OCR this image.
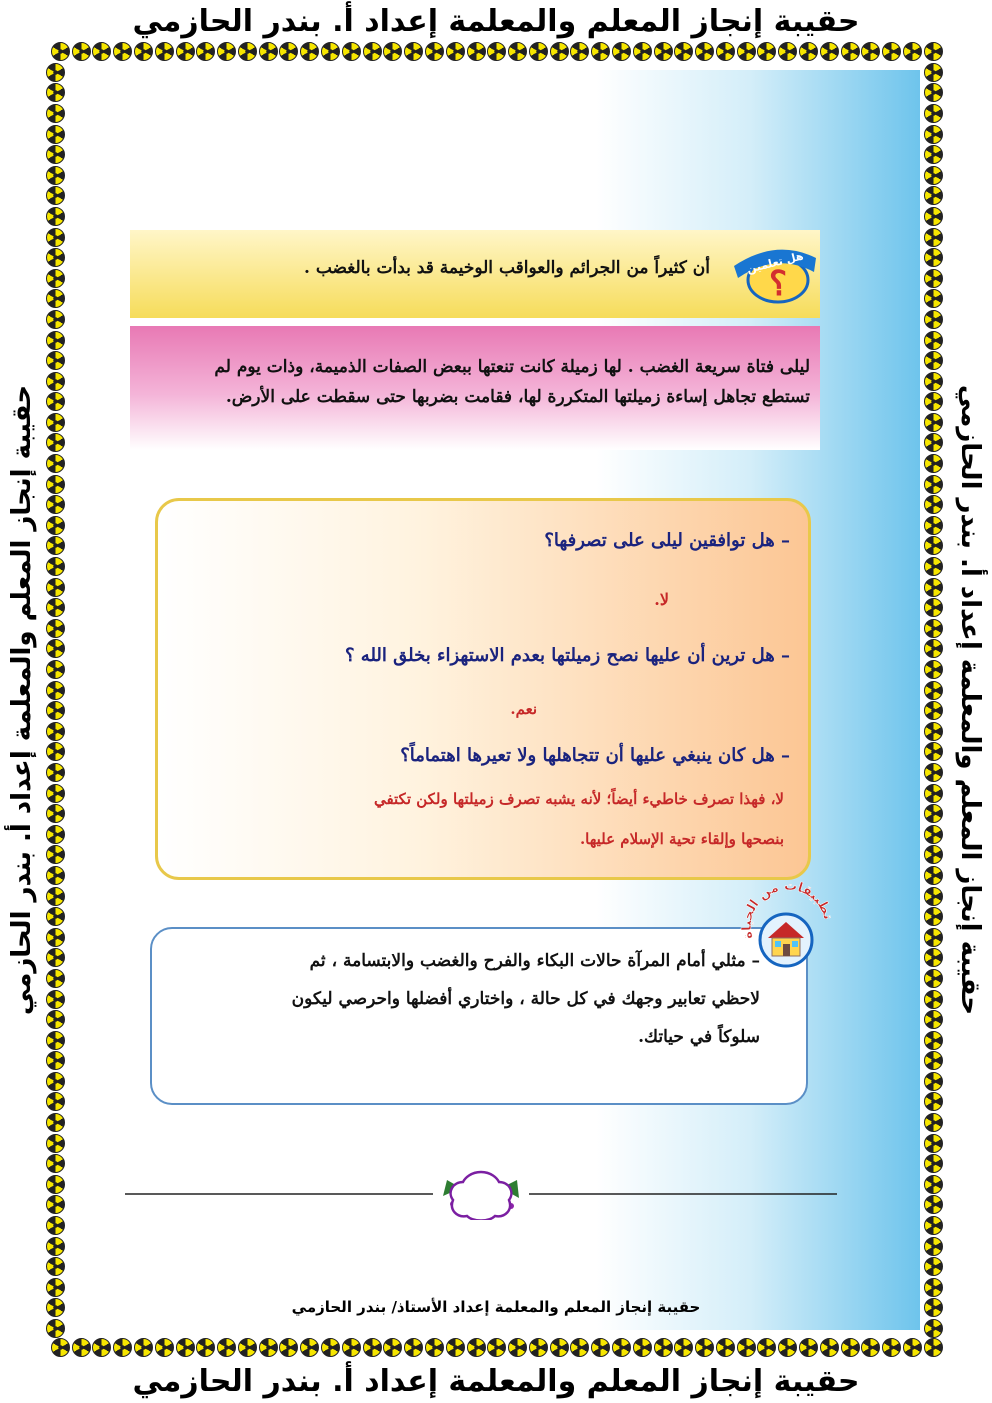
حقيبة إنجاز المعلم والمعلمة إعداد أ. بندر الحازمي
حقيبة إنجاز المعلم والمعلمة إعداد أ. بندر الحازمي
حقيبة إنجاز المعلم والمعلمة إعداد أ. بندر الحازمي	حقيبة إنجاز المعلم والمعلمة إعداد أ. بندر الحازمي
أن كثيراً من الجرائم والعواقب الوخيمة قد بدأت بالغضب . ؟
هل تعلمين
ليلى فتاة سريعة الغضب . لها زميلة كانت تنعتها ببعض الصفات الذميمة، وذات يوم لم
تستطع تجاهل إساءة زميلتها المتكررة لها، فقامت بضربها حتى سقطت على الأرض.
– هل توافقين ليلى على تصرفها؟
لا.
– هل ترين أن عليها نصح زميلتها بعدم الاستهزاء بخلق الله ؟
نعم.
– هل كان ينبغي عليها أن تتجاهلها ولا تعيرها اهتماماً؟
لا، فهذا تصرف خاطيء أيضاً؛ لأنه يشبه تصرف زميلتها ولكن تكتفي
بنصحها وإلقاء تحية الإسلام عليها.
– مثلي أمام المرآة حالات البكاء والفرح والغضب والابتسامة ، ثم
لاحظي تعابير وجهك في كل حالة ، واختاري أفضلها واحرصي ليكون
سلوكاً في حياتك.
تطبيقات من الحياة
حقيبة إنجاز المعلم والمعلمة إعداد الأستاذ/ بندر الحازمي
